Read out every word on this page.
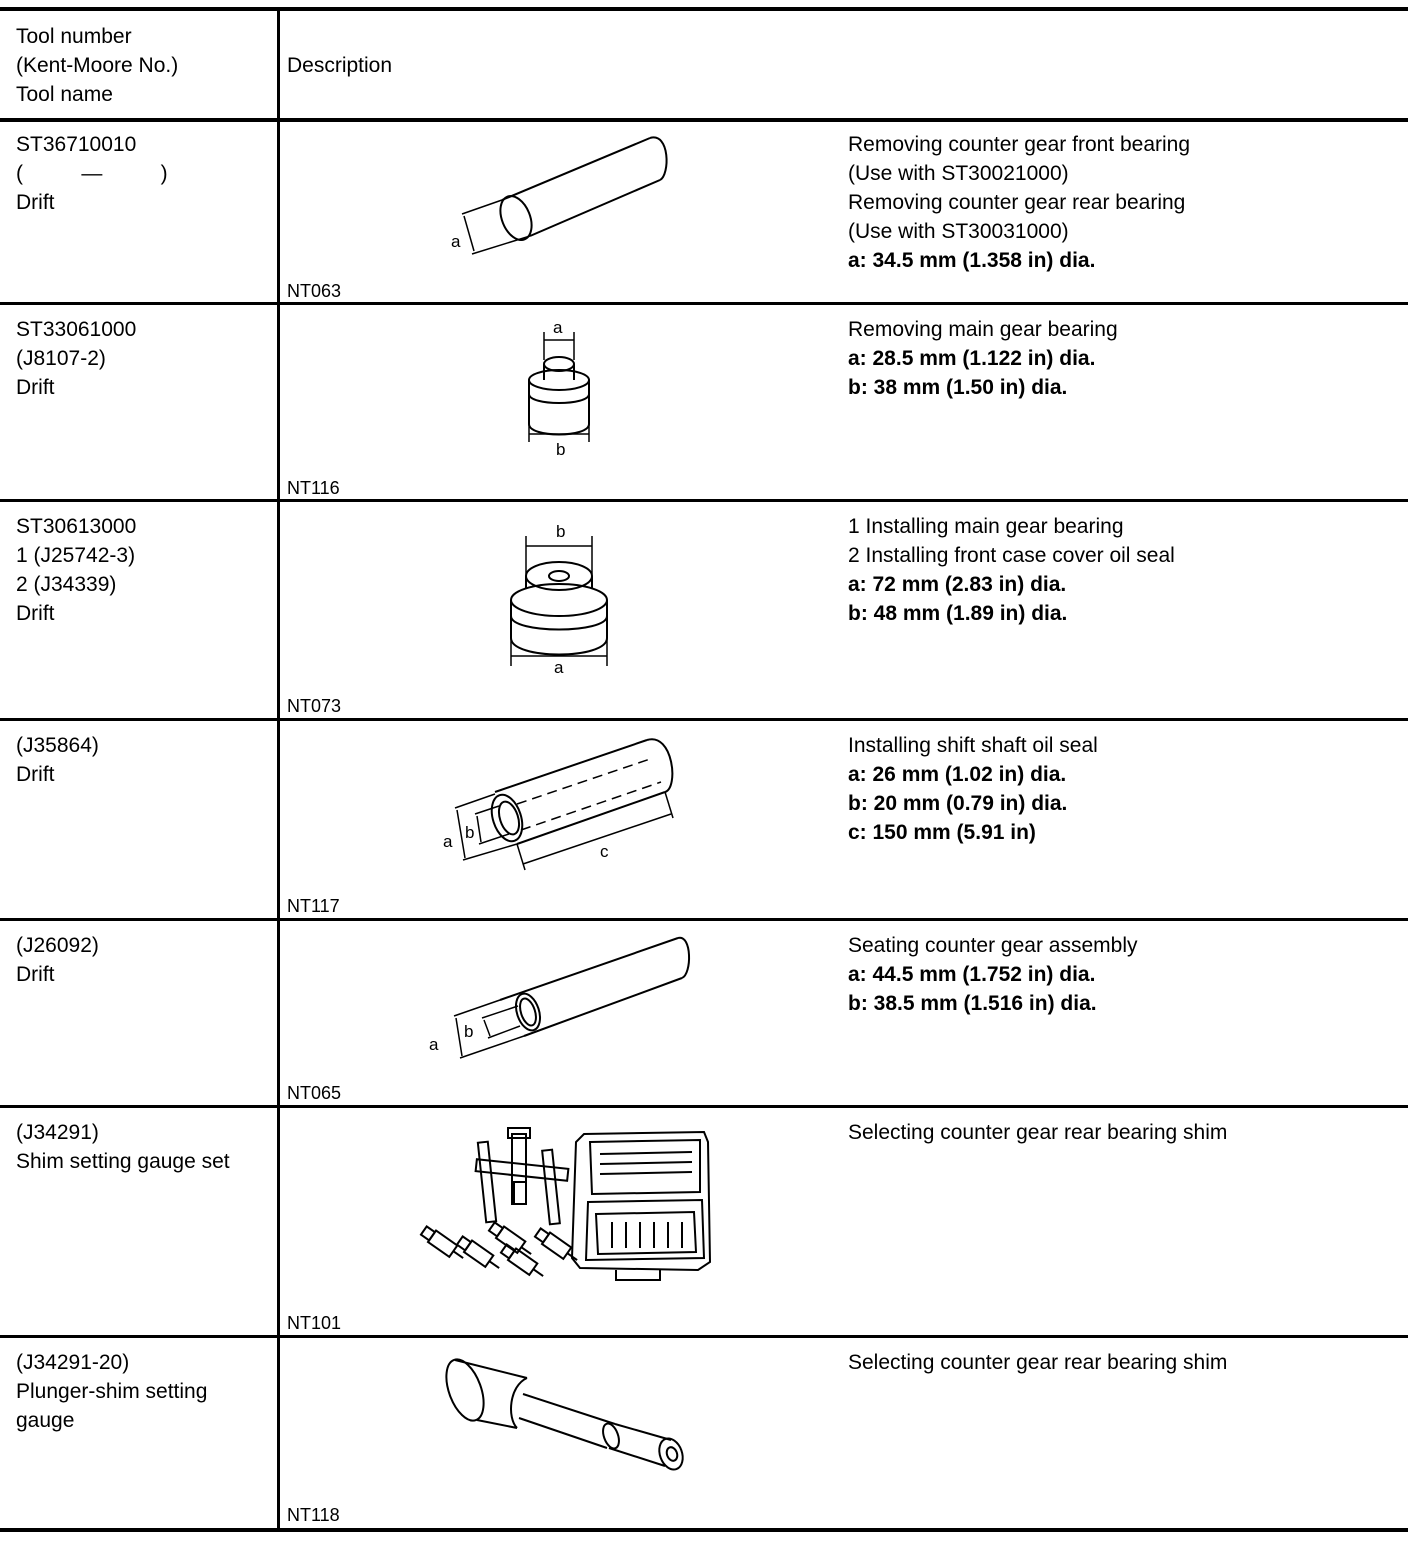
Tool number
(Kent-Moore No.)
Tool name
Description
ST36710010
(          —          )
Drift
a
NT063
Removing counter gear front bearing
(Use with ST30021000)
Removing counter gear rear bearing
(Use with ST30031000)
a: 34.5 mm (1.358 in) dia.
ST33061000
(J8107-2)
Drift
a
b
NT116
Removing main gear bearing
a: 28.5 mm (1.122 in) dia.
b: 38 mm (1.50 in) dia.
ST30613000
1 (J25742-3)
2 (J34339)
Drift
b
a
NT073
1 Installing main gear bearing
2 Installing front case cover oil seal
a: 72 mm (2.83 in) dia.
b: 48 mm (1.89 in) dia.
(J35864)
Drift
a b
c
NT117
Installing shift shaft oil seal
a: 26 mm (1.02 in) dia.
b: 20 mm (0.79 in) dia.
c: 150 mm (5.91 in)
(J26092)
Drift
a
b
NT065
Seating counter gear assembly
a: 44.5 mm (1.752 in) dia.
b: 38.5 mm (1.516 in) dia.
(J34291)
Shim setting gauge set
NT101
Selecting counter gear rear bearing shim
(J34291-20)
Plunger-shim setting
gauge
NT118
Selecting counter gear rear bearing shim
